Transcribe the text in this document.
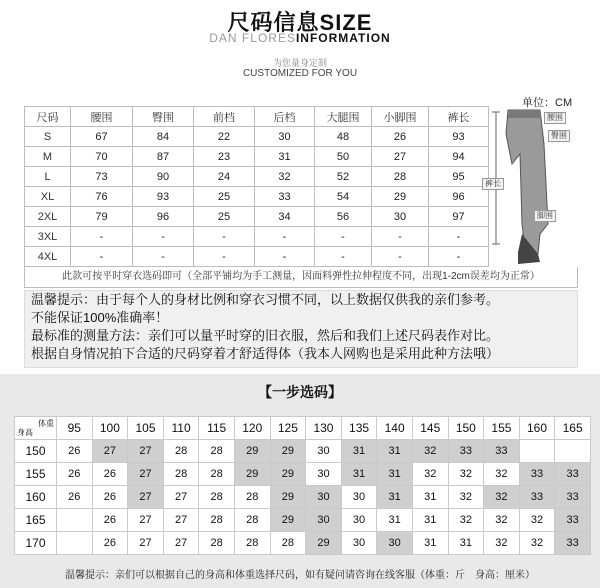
尺码信息SIZE
DAN FLORESINFORMATION
为您量身定制
CUSTOMIZED FOR YOU
单位：CM
尺码	腰围	臀围	前档	后档	大腿围	小脚围	裤长
S	67	84	22	30	48	26	93
M	70	87	23	31	50	27	94
L	73	90	24	32	52	28	95
XL	76	93	25	33	54	29	96
2XL	79	96	25	34	56	30	97
3XL	-	-	-	-	-	-	-
4XL	-	-	-	-	-	-	-
腰围
臀围
裤长
脚围
此款可按平时穿衣选码即可（全部平铺均为手工测量，因面料弹性拉伸程度不同，出现1-2cm误差均为正常）
温馨提示：由于每个人的身材比例和穿衣习惯不同，以上数据仅供我的亲们参考。
不能保证100%准确率！
最标准的测量方法：亲们可以量平时穿的旧衣服，然后和我们上述尺码表作对比。
根据自身情况拍下合适的尺码穿着才舒适得体（我本人网购也是采用此种方法哦）
【一步选码】
体重
身高	95	100	105	110	115	120	125	130	135	140	145	150	155	160	165
150	26	27	27	28	28	29	29	30	31	31	32	33	33		
155	26	26	27	28	28	29	29	30	31	31	32	32	32	33	33
160	26	26	27	27	28	28	29	30	30	31	31	32	32	33	33
165		26	27	27	28	28	29	30	30	31	31	32	32	32	33
170		26	27	27	28	28	28	29	30	30	31	31	32	32	33
温馨提示：亲们可以根据自己的身高和体重选择尺码，如有疑问请咨询在线客服（体重：斤　身高：厘米）
